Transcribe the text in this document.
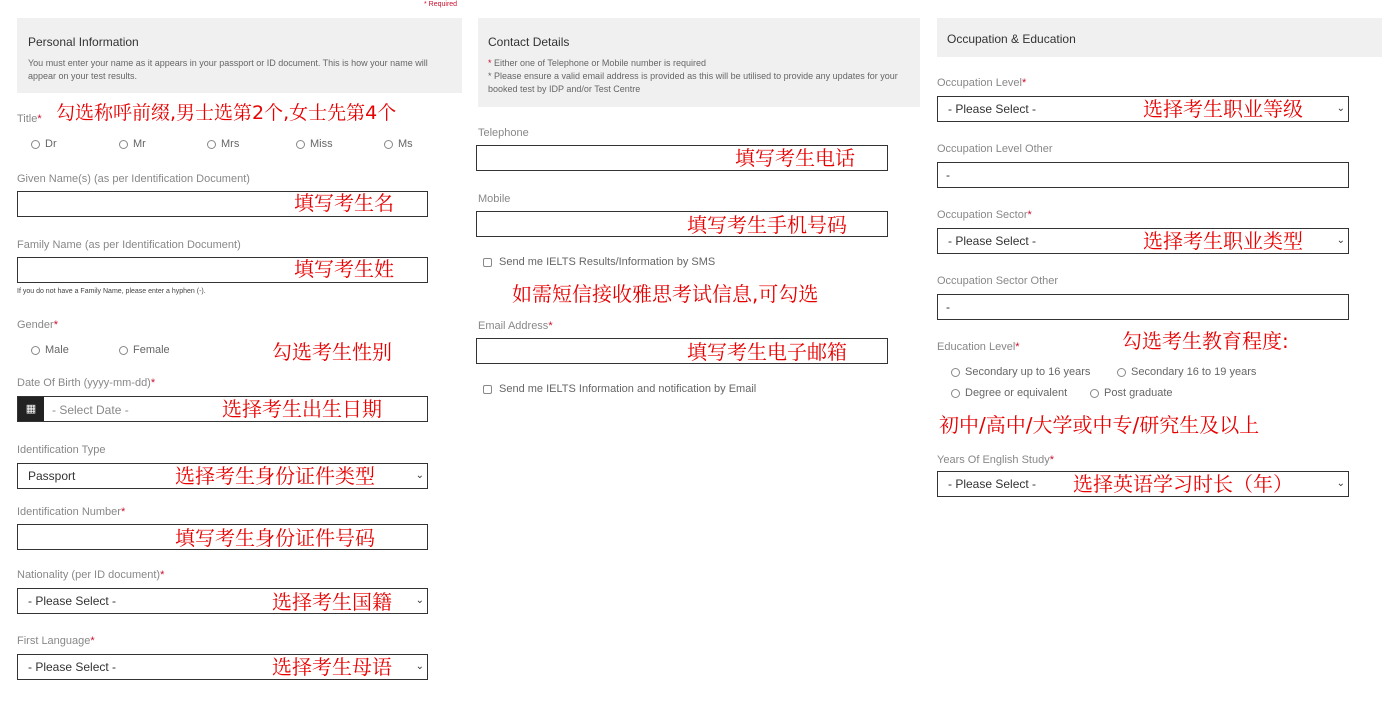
* Required
Personal Information
You must enter your name as it appears in your passport or ID document. This is how your name will appear on your test results.
Title* 勾选称呼前缀,男士选第2个,女士先第4个
Dr	Mr	Mrs	Miss	Ms
Given Name(s) (as per Identification Document)
填写考生名
Family Name (as per Identification Document)
填写考生姓
If you do not have a Family Name, please enter a hyphen (-).
Gender*
Male	Female	勾选考生性别
Date Of Birth (yyyy-mm-dd)*
▦	- Select Date -	选择考生出生日期
Identification Type
Passport	⌄
选择考生身份证件类型
Identification Number*
填写考生身份证件号码
Nationality (per ID document)*
- Please Select -	⌄
选择考生国籍
First Language*
- Please Select -	⌄
选择考生母语
Contact Details
* Either one of Telephone or Mobile number is required
* Please ensure a valid email address is provided as this will be utilised to provide any updates for your booked test by IDP and/or Test Centre
Telephone
填写考生电话
Mobile
填写考生手机号码
Send me IELTS Results/Information by SMS
如需短信接收雅思考试信息,可勾选
Email Address*
填写考生电子邮箱
Send me IELTS Information and notification by Email
Occupation & Education
Occupation Level*
- Please Select -	⌄
选择考生职业等级
Occupation Level Other
-
Occupation Sector*
- Please Select -	⌄
选择考生职业类型
Occupation Sector Other
-
勾选考生教育程度:
Education Level*
Secondary up to 16 years	Secondary 16 to 19 years
Degree or equivalent	Post graduate
初中/高中/大学或中专/研究生及以上
Years Of English Study*
- Please Select -	⌄
选择英语学习时长（年）
